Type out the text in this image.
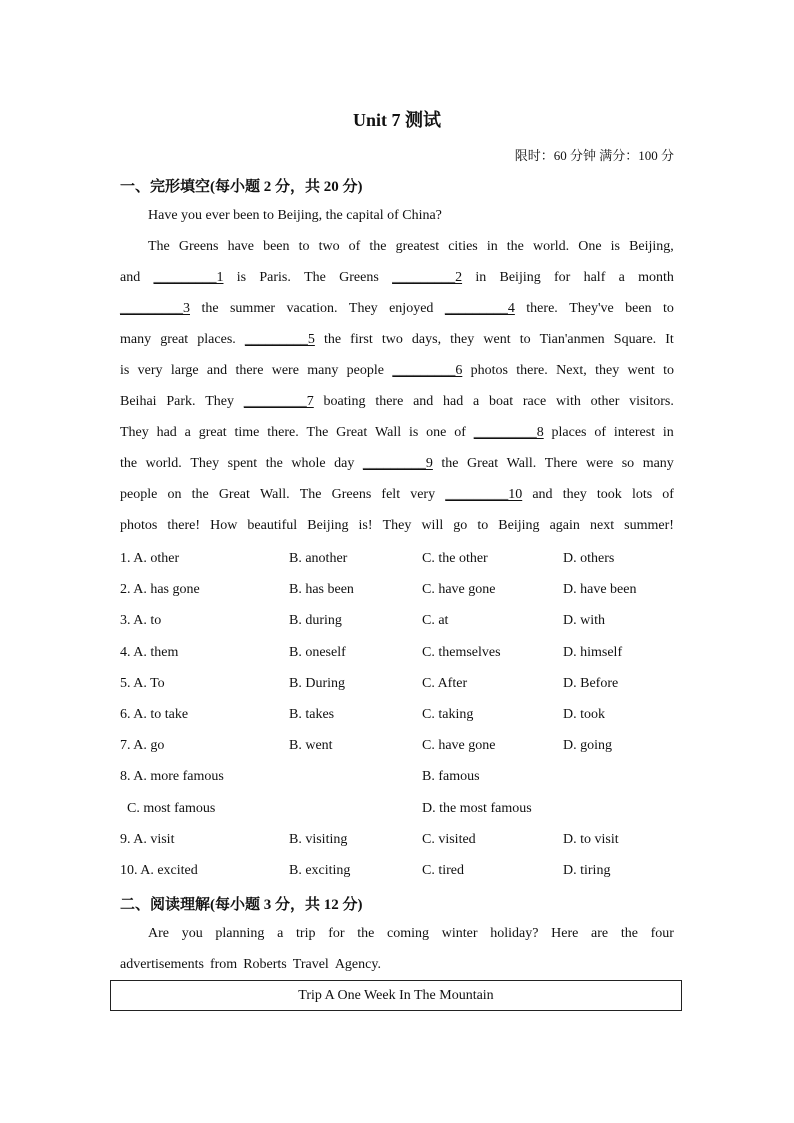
Unit 7 测试
限时：60 分钟 满分：100 分
一、完形填空(每小题 2 分，共 20 分)
Have you ever been to Beijing, the capital of China?
The Greens have been to two of the greatest cities in the world. One is Beijing,
and _________1 is Paris. The Greens _________2 in Beijing for half a month
_________3 the summer vacation. They enjoyed _________4 there. They've been to
many great places. _________5 the first two days, they went to Tian'anmen Square. It
is very large and there were many people _________6 photos there. Next, they went to
Beihai Park. They _________7 boating there and had a boat race with other visitors.
They had a great time there. The Great Wall is one of _________8 places of interest in
the world. They spent the whole day _________9 the Great Wall. There were so many
people on the Great Wall. The Greens felt very _________10 and they took lots of
photos there! How beautiful Beijing is! They will go to Beijing again next summer!
1. A. other	B. another	C. the other	D. others
2. A. has gone	B. has been	C. have gone	D. have been
3. A. to	B. during	C. at	D. with
4. A. them	B. oneself	C. themselves	D. himself
5. A. To	B. During	C. After	D. Before
6. A. to take	B. takes	C. taking	D. took
7. A. go	B. went	C. have gone	D. going
8. A. more famous	B. famous
C. most famous	D. the most famous
9. A. visit	B. visiting	C. visited	D. to visit
10. A. excited	B. exciting	C. tired	D. tiring
二、阅读理解(每小题 3 分，共 12 分)
Are you planning a trip for the coming winter holiday? Here are the four
advertisements from Roberts Travel Agency.
Trip A One Week In The Mountain
